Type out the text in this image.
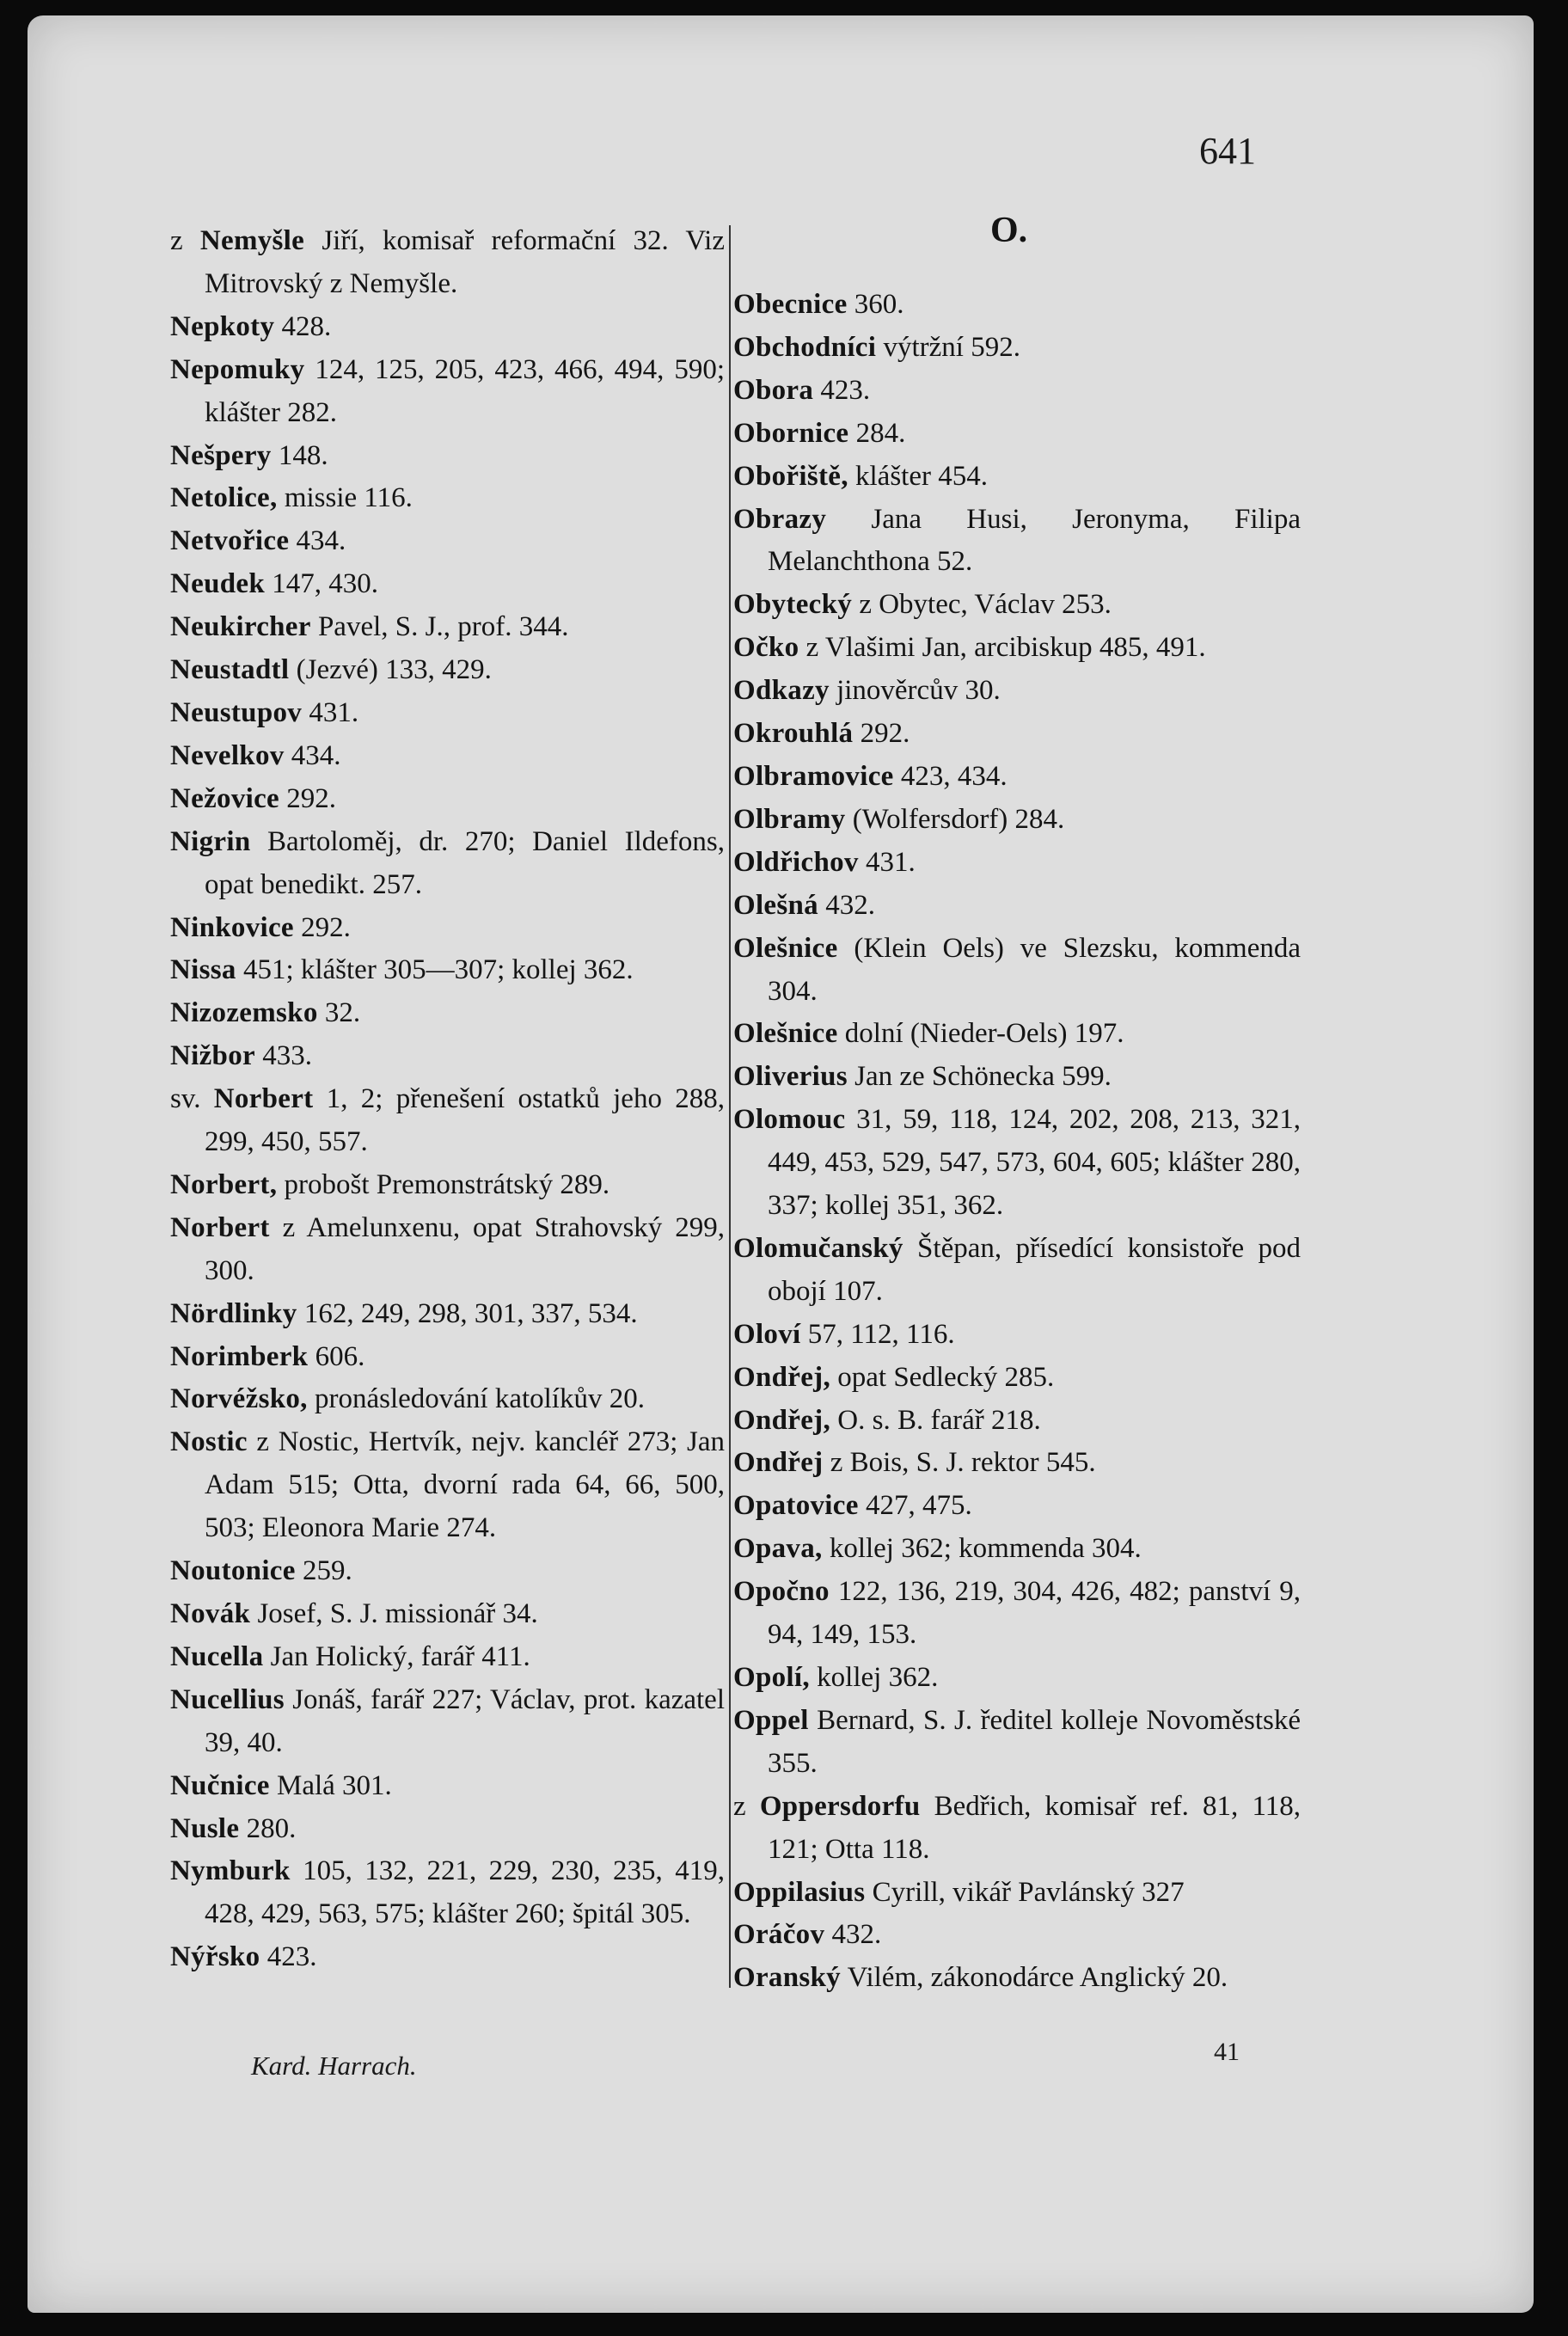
641
O.
z Nemyšle Jiří, komisař reformační 32. Viz Mitrovský z Nemyšle.
Nepkoty 428.
Nepomuky 124, 125, 205, 423, 466, 494, 590; klášter 282.
Nešpery 148.
Netolice, missie 116.
Netvořice 434.
Neudek 147, 430.
Neukircher Pavel, S. J., prof. 344.
Neustadtl (Jezvé) 133, 429.
Neustupov 431.
Nevelkov 434.
Nežovice 292.
Nigrin Bartoloměj, dr. 270; Daniel Ildefons, opat benedikt. 257.
Ninkovice 292.
Nissa 451; klášter 305—307; kollej 362.
Nizozemsko 32.
Nižbor 433.
sv. Norbert 1, 2; přenešení ostatků jeho 288, 299, 450, 557.
Norbert, probošt Premonstrátský 289.
Norbert z Amelunxenu, opat Strahovský 299, 300.
Nördlinky 162, 249, 298, 301, 337, 534.
Norimberk 606.
Norvéžsko, pronásledování katolíkův 20.
Nostic z Nostic, Hertvík, nejv. kancléř 273; Jan Adam 515; Otta, dvorní rada 64, 66, 500, 503; Eleonora Marie 274.
Noutonice 259.
Novák Josef, S. J. missionář 34.
Nucella Jan Holický, farář 411.
Nucellius Jonáš, farář 227; Václav, prot. kazatel 39, 40.
Nučnice Malá 301.
Nusle 280.
Nymburk 105, 132, 221, 229, 230, 235, 419, 428, 429, 563, 575; klášter 260; špitál 305.
Nýřsko 423.
Obecnice 360.
Obchodníci výtržní 592.
Obora 423.
Obornice 284.
Obořiště, klášter 454.
Obrazy Jana Husi, Jeronyma, Filipa Melanchthona 52.
Obytecký z Obytec, Václav 253.
Očko z Vlašimi Jan, arcibiskup 485, 491.
Odkazy jinověrcův 30.
Okrouhlá 292.
Olbramovice 423, 434.
Olbramy (Wolfersdorf) 284.
Oldřichov 431.
Olešná 432.
Olešnice (Klein Oels) ve Slezsku, kommenda 304.
Olešnice dolní (Nieder-Oels) 197.
Oliverius Jan ze Schönecka 599.
Olomouc 31, 59, 118, 124, 202, 208, 213, 321, 449, 453, 529, 547, 573, 604, 605; klášter 280, 337; kollej 351, 362.
Olomučanský Štěpan, přísedící konsistoře pod obojí 107.
Oloví 57, 112, 116.
Ondřej, opat Sedlecký 285.
Ondřej, O. s. B. farář 218.
Ondřej z Bois, S. J. rektor 545.
Opatovice 427, 475.
Opava, kollej 362; kommenda 304.
Opočno 122, 136, 219, 304, 426, 482; panství 9, 94, 149, 153.
Opolí, kollej 362.
Oppel Bernard, S. J. ředitel kolleje Novoměstské 355.
z Oppersdorfu Bedřich, komisař ref. 81, 118, 121; Otta 118.
Oppilasius Cyrill, vikář Pavlánský 327
Oráčov 432.
Oranský Vilém, zákonodárce Anglický 20.
Kard. Harrach.	41
